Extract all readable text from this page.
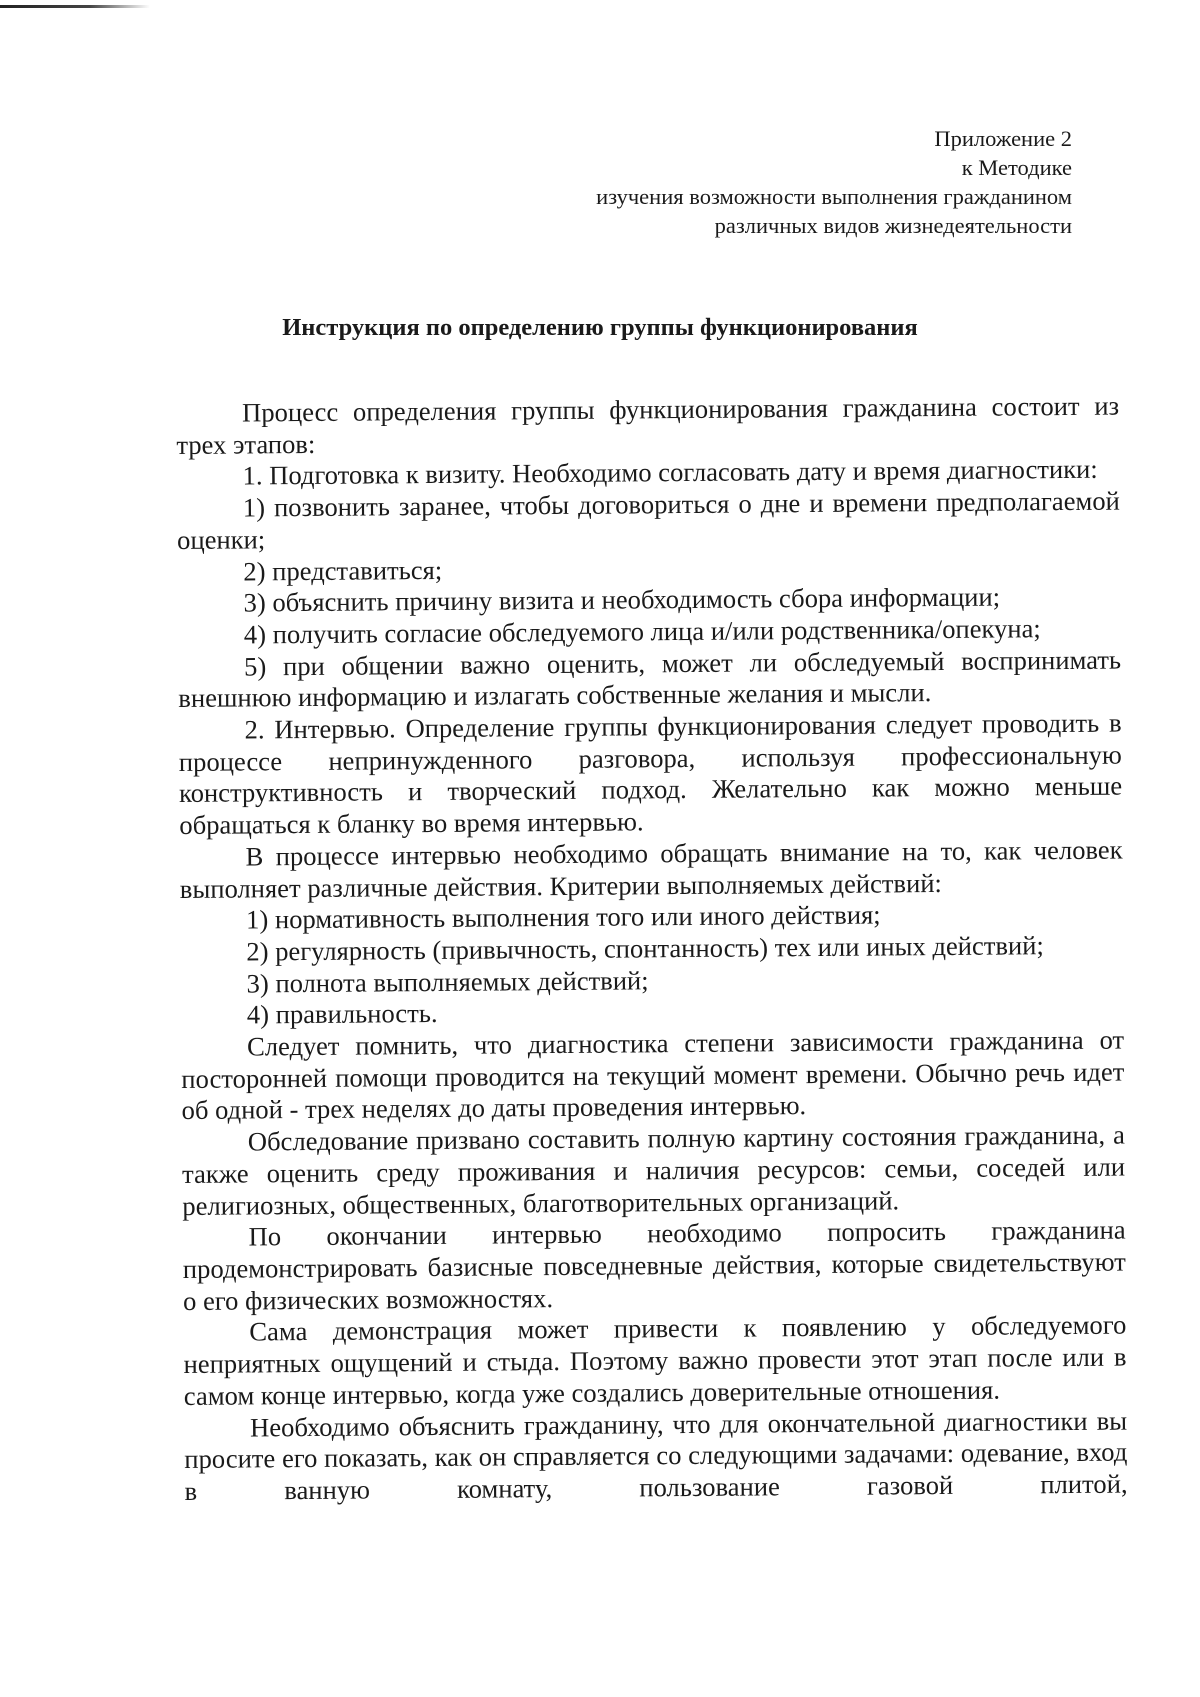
Приложение 2
к Методике
изучения возможности выполнения гражданином
различных видов жизнедеятельности
Инструкция по определению группы функционирования

Процесс определения группы функционирования гражданина состоит из трех этапов:

1. Подготовка к визиту. Необходимо согласовать дату и время диагностики:

1) позвонить заранее, чтобы договориться о дне и времени предполагаемой оценки;

2) представиться;

3) объяснить причину визита и необходимость сбора информации;

4) получить согласие обследуемого лица и/или родственника/опекуна;

5) при общении важно оценить, может ли обследуемый воспринимать внешнюю информацию и излагать собственные желания и мысли.

2. Интервью. Определение группы функционирования следует проводить в процессе непринужденного разговора, используя профессиональную конструктивность и творческий подход. Желательно как можно меньше обращаться к бланку во время интервью.

В процессе интервью необходимо обращать внимание на то, как человек выполняет различные действия. Критерии выполняемых действий:

1) нормативность выполнения того или иного действия;

2) регулярность (привычность, спонтанность) тех или иных действий;

3) полнота выполняемых действий;

4) правильность.

Следует помнить, что диагностика степени зависимости гражданина от посторонней помощи проводится на текущий момент времени. Обычно речь идет об одной - трех неделях до даты проведения интервью.

Обследование призвано составить полную картину состояния гражданина, а также оценить среду проживания и наличия ресурсов: семьи, соседей или религиозных, общественных, благотворительных организаций.

По окончании интервью необходимо попросить гражданина продемонстрировать базисные повседневные действия, которые свидетельствуют о его физических возможностях.

Сама демонстрация может привести к появлению у обследуемого неприятных ощущений и стыда. Поэтому важно провести этот этап после или в самом конце интервью, когда уже создались доверительные отношения.

Необходимо объяснить гражданину, что для окончательной диагностики вы просите его показать, как он справляется со следующими задачами: одевание, вход в ванную комнату, пользование газовой плитой,
